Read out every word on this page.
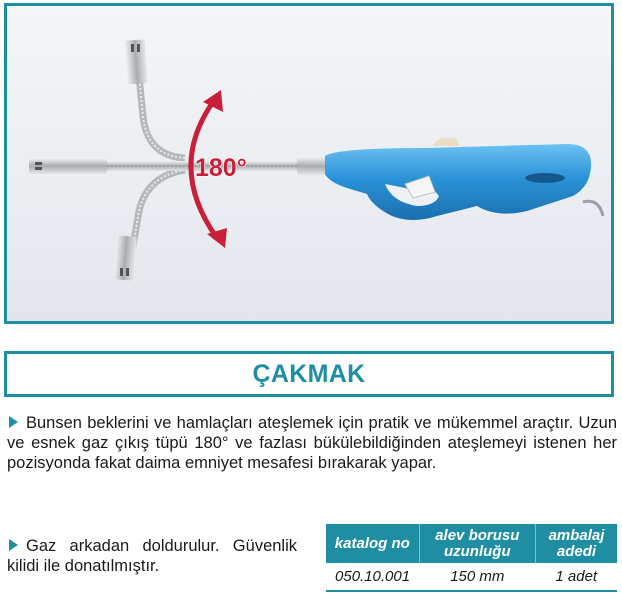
180°
ÇAKMAK

Bunsen beklerini ve hamlaçları ateşlemek için pratik ve mükemmel araçtır. Uzun ve esnek gaz çıkış tüpü 180° ve fazlası bükülebildiğinden ateşlemeyi istenen her pozisyonda fakat daima emniyet mesafesi bırakarak yapar.

Gaz arkadan doldurulur. Güvenlik kilidi ile donatılmıştır.

katalog no	alev borusu uzunluğu	ambalaj adedi
050.10.001	150 mm	1 adet
